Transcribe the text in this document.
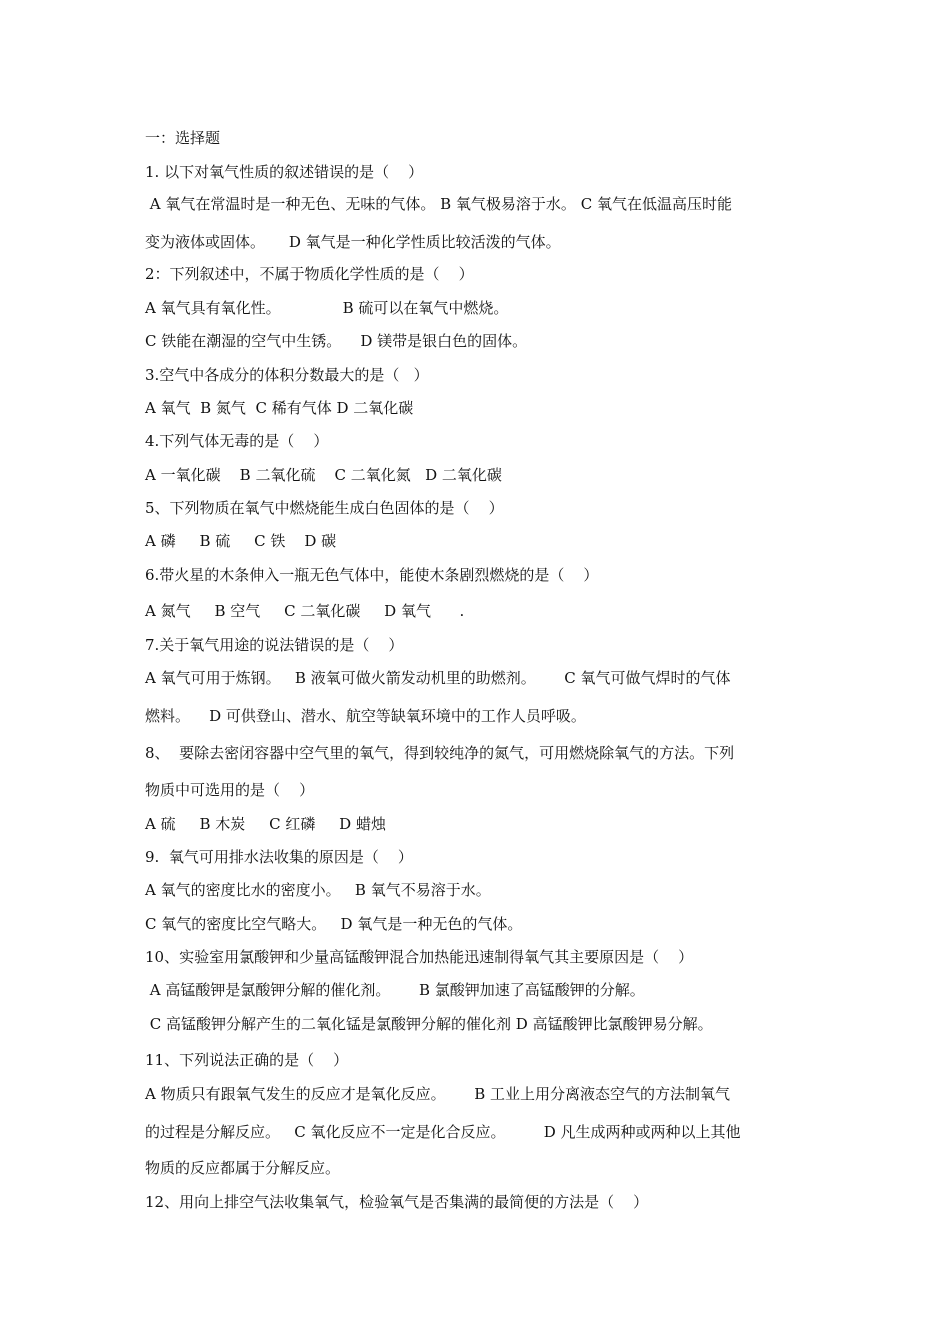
一：选择题
1. 以下对氧气性质的叙述错误的是（    ）
A 氧气在常温时是一种无色、无味的气体。 B 氧气极易溶于水。 C 氧气在低温高压时能
变为液体或固体。     D 氧气是一种化学性质比较活泼的气体。
2：下列叙述中，不属于物质化学性质的是（    ）
A 氧气具有氧化性。             B 硫可以在氧气中燃烧。
C 铁能在潮湿的空气中生锈。    D 镁带是银白色的固体。
3.空气中各成分的体积分数最大的是（   ）
A 氧气  B 氮气  C 稀有气体 D 二氧化碳
4.下列气体无毒的是（    ）
A 一氧化碳    B 二氧化硫    C 二氧化氮   D 二氧化碳
5、下列物质在氧气中燃烧能生成白色固体的是（    ）
A 磷     B 硫     C 铁    D 碳
6.带火星的木条伸入一瓶无色气体中，能使木条剧烈燃烧的是（    ）
A 氮气     B 空气     C 二氧化碳     D 氧气      .
7.关于氧气用途的说法错误的是（    ）
A 氧气可用于炼钢。   B 液氧可做火箭发动机里的助燃剂。      C 氧气可做气焊时的气体
燃料。    D 可供登山、潜水、航空等缺氧环境中的工作人员呼吸。
8、  要除去密闭容器中空气里的氧气，得到较纯净的氮气，可用燃烧除氧气的方法。下列
物质中可选用的是（    ）
A 硫     B 木炭     C 红磷     D 蜡烛
9.  氧气可用排水法收集的原因是（    ）
A 氧气的密度比水的密度小。   B 氧气不易溶于水。
C 氧气的密度比空气略大。   D 氧气是一种无色的气体。
10、实验室用氯酸钾和少量高锰酸钾混合加热能迅速制得氧气其主要原因是（    ）
A 高锰酸钾是氯酸钾分解的催化剂。      B 氯酸钾加速了高锰酸钾的分解。
C 高锰酸钾分解产生的二氧化锰是氯酸钾分解的催化剂 D 高锰酸钾比氯酸钾易分解。
11、下列说法正确的是（    ）
A 物质只有跟氧气发生的反应才是氧化反应。      B 工业上用分离液态空气的方法制氧气
的过程是分解反应。   C 氧化反应不一定是化合反应。        D 凡生成两种或两种以上其他
物质的反应都属于分解反应。
12、用向上排空气法收集氧气，检验氧气是否集满的最简便的方法是（    ）
